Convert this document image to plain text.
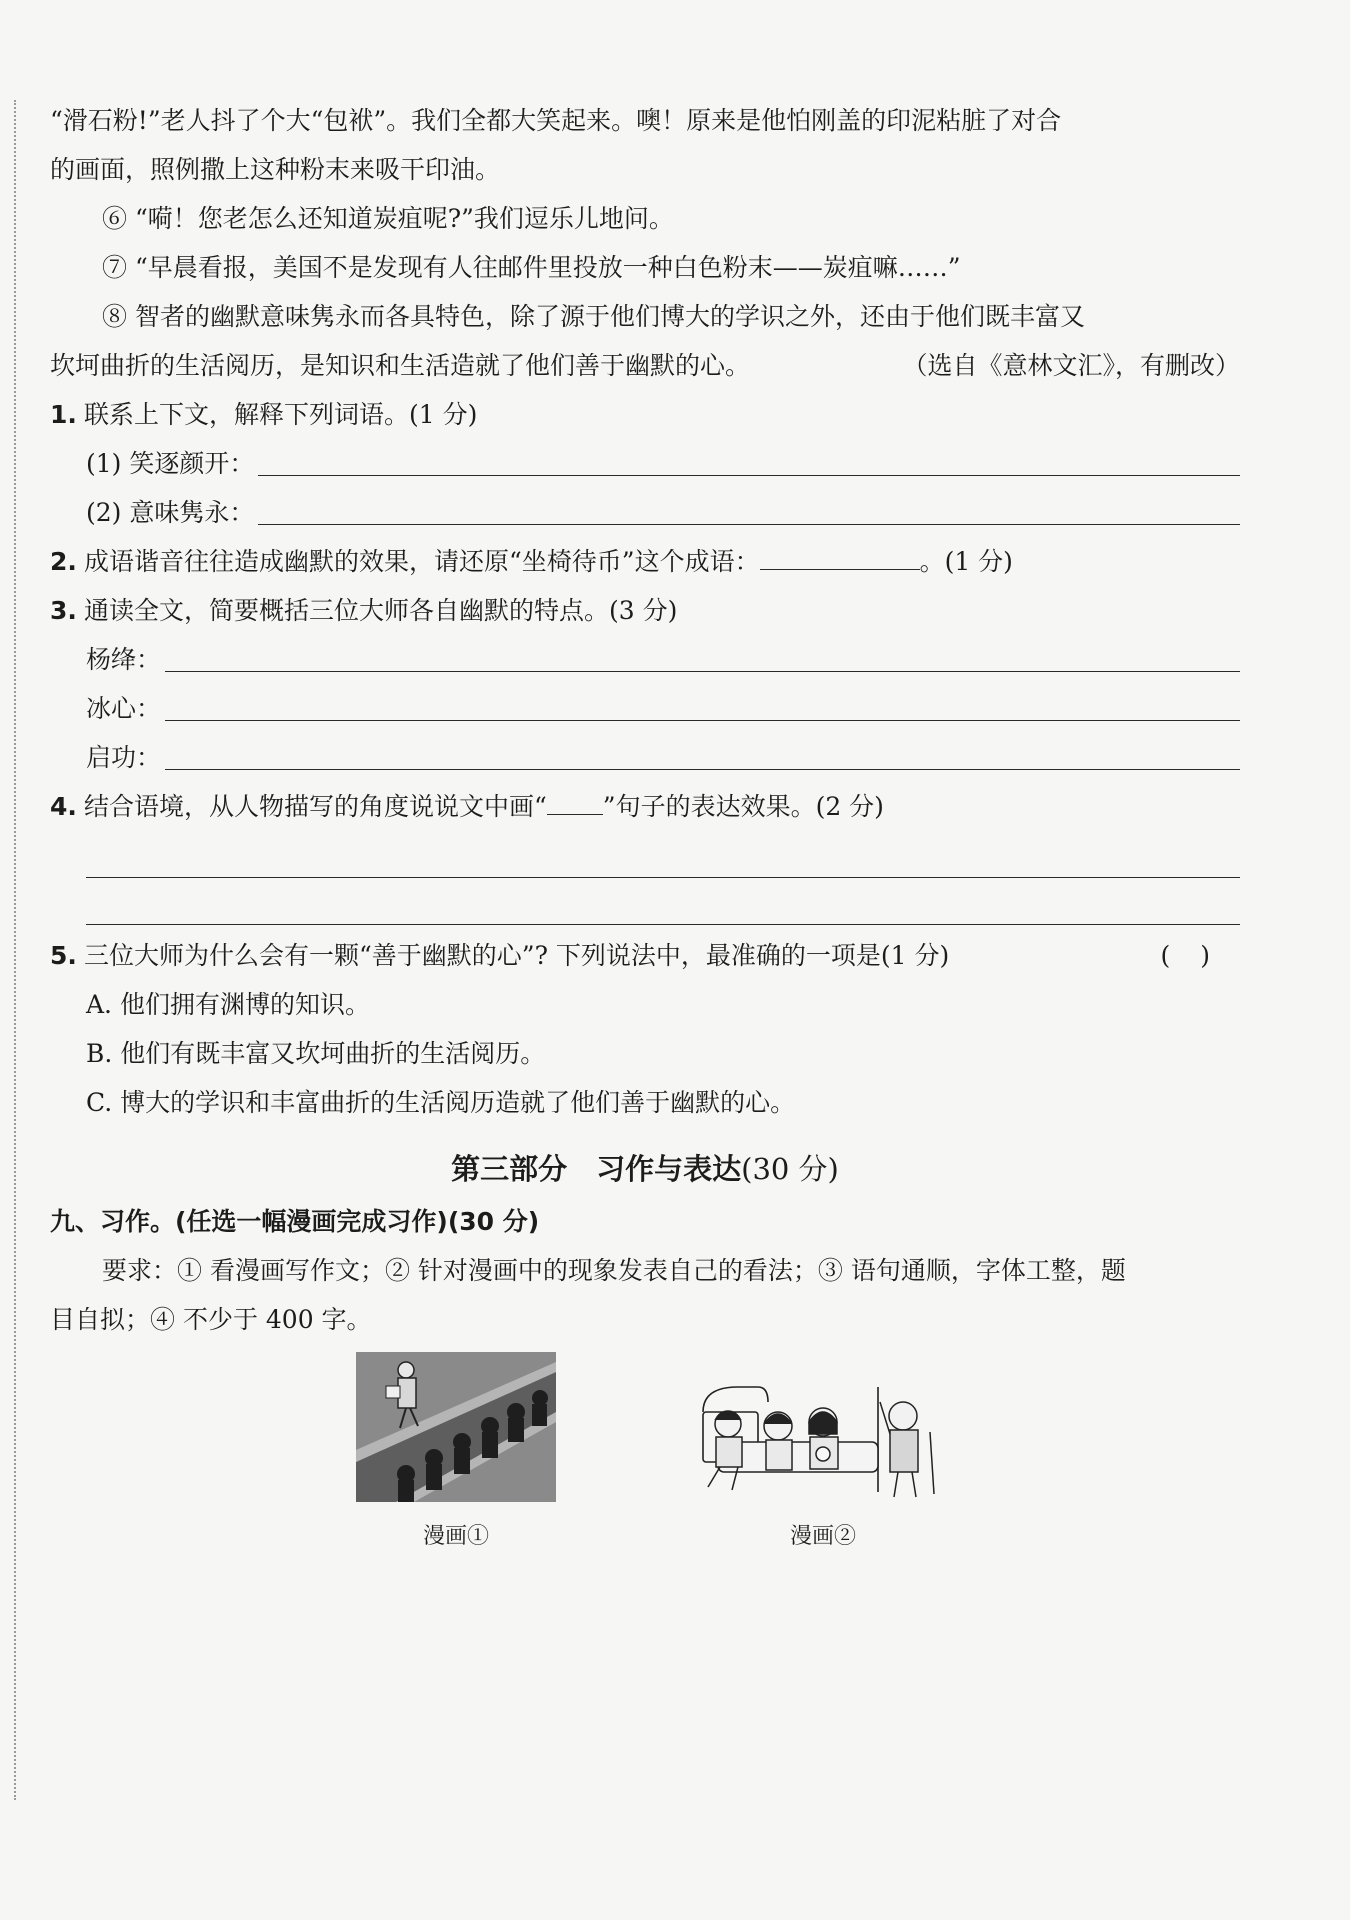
“滑石粉!”老人抖了个大“包袱”。我们全都大笑起来。噢！原来是他怕刚盖的印泥粘脏了对合

的画面，照例撒上这种粉末来吸干印油。

⑥ “嗬！您老怎么还知道炭疽呢?”我们逗乐儿地问。

⑦ “早晨看报，美国不是发现有人往邮件里投放一种白色粉末——炭疽嘛……”

⑧ 智者的幽默意味隽永而各具特色，除了源于他们博大的学识之外，还由于他们既丰富又

坎坷曲折的生活阅历，是知识和生活造就了他们善于幽默的心。	（选自《意林文汇》，有删改）

1. 联系上下文，解释下列词语。(1 分)

(1) 笑逐颜开：
(2) 意味隽永：

2. 成语谐音往往造成幽默的效果，请还原“坐椅待币”这个成语：	。(1 分)

3. 通读全文，简要概括三位大师各自幽默的特点。(3 分)

杨绛：
冰心：
启功：

4. 结合语境，从人物描写的角度说说文中画“ ”句子的表达效果。(2 分)

5. 三位大师为什么会有一颗“善于幽默的心”? 下列说法中，最准确的一项是(1 分)	()

A. 他们拥有渊博的知识。

B. 他们有既丰富又坎坷曲折的生活阅历。

C. 博大的学识和丰富曲折的生活阅历造就了他们善于幽默的心。

第三部分　习作与表达(30 分)

九、习作。(任选一幅漫画完成习作)(30 分)

要求：① 看漫画写作文；② 针对漫画中的现象发表自己的看法；③ 语句通顺，字体工整，题

目自拟；④ 不少于 400 字。

漫画①	漫画②
